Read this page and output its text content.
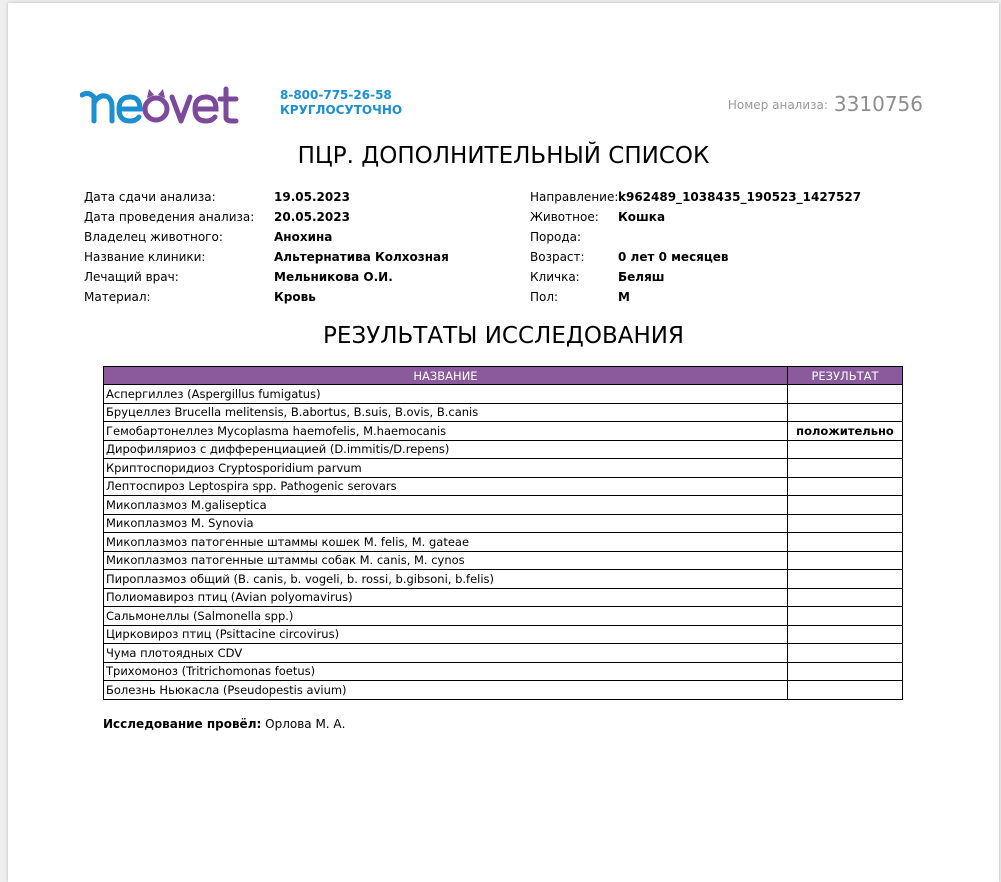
8-800-775-26-58
КРУГЛОСУТОЧНО	Номер анализа: 3310756
ПЦР. ДОПОЛНИТЕЛЬНЫЙ СПИСОК
Дата сдачи анализа:	19.05.2023
Дата проведения анализа: 20.05.2023
Владелец животного:	Анохина
Название клиники:	Альтернатива Колхозная
Лечащий врач:	Мельникова О.И.
Материал:	Кровь
Направление:k962489_1038435_190523_1427527
Животное: Кошка
Порода:
Возраст:	0 лет 0 месяцев
Кличка:	Беляш
Пол:	М
РЕЗУЛЬТАТЫ ИССЛЕДОВАНИЯ
НАЗВАНИЕ	РЕЗУЛЬТАТ
Аспергиллез (Aspergillus fumigatus)	
Бруцеллез Brucella melitensis, B.abortus, B.suis, B.ovis, B.canis	
Гемобартонеллез Mycoplasma haemofelis, M.haemocanis	положительно
Дирофиляриоз с дифференциацией (D.immitis/D.repens)	
Криптоспоридиоз Cryptosporidium parvum	
Лептоспироз Leptospira spp. Pathogenic serovars	
Микоплазмоз M.galiseptica	
Микоплазмоз M. Synovia	
Микоплазмоз патогенные штаммы кошек M. felis, M. gateae	
Микоплазмоз патогенные штаммы собак M. canis, M. cynos	
Пироплазмоз общий (B. canis, b. vogeli, b. rossi, b.gibsoni, b.felis)	
Полиомавироз птиц (Avian polyomavirus)	
Сальмонеллы (Salmonella spp.)	
Цирковироз птиц (Psittacine circovirus)	
Чума плотоядных CDV	
Трихомоноз (Tritrichomonas foetus)	
Болезнь Ньюкасла (Pseudopestis avium)	
Исследование провёл: Орлова М. А.
